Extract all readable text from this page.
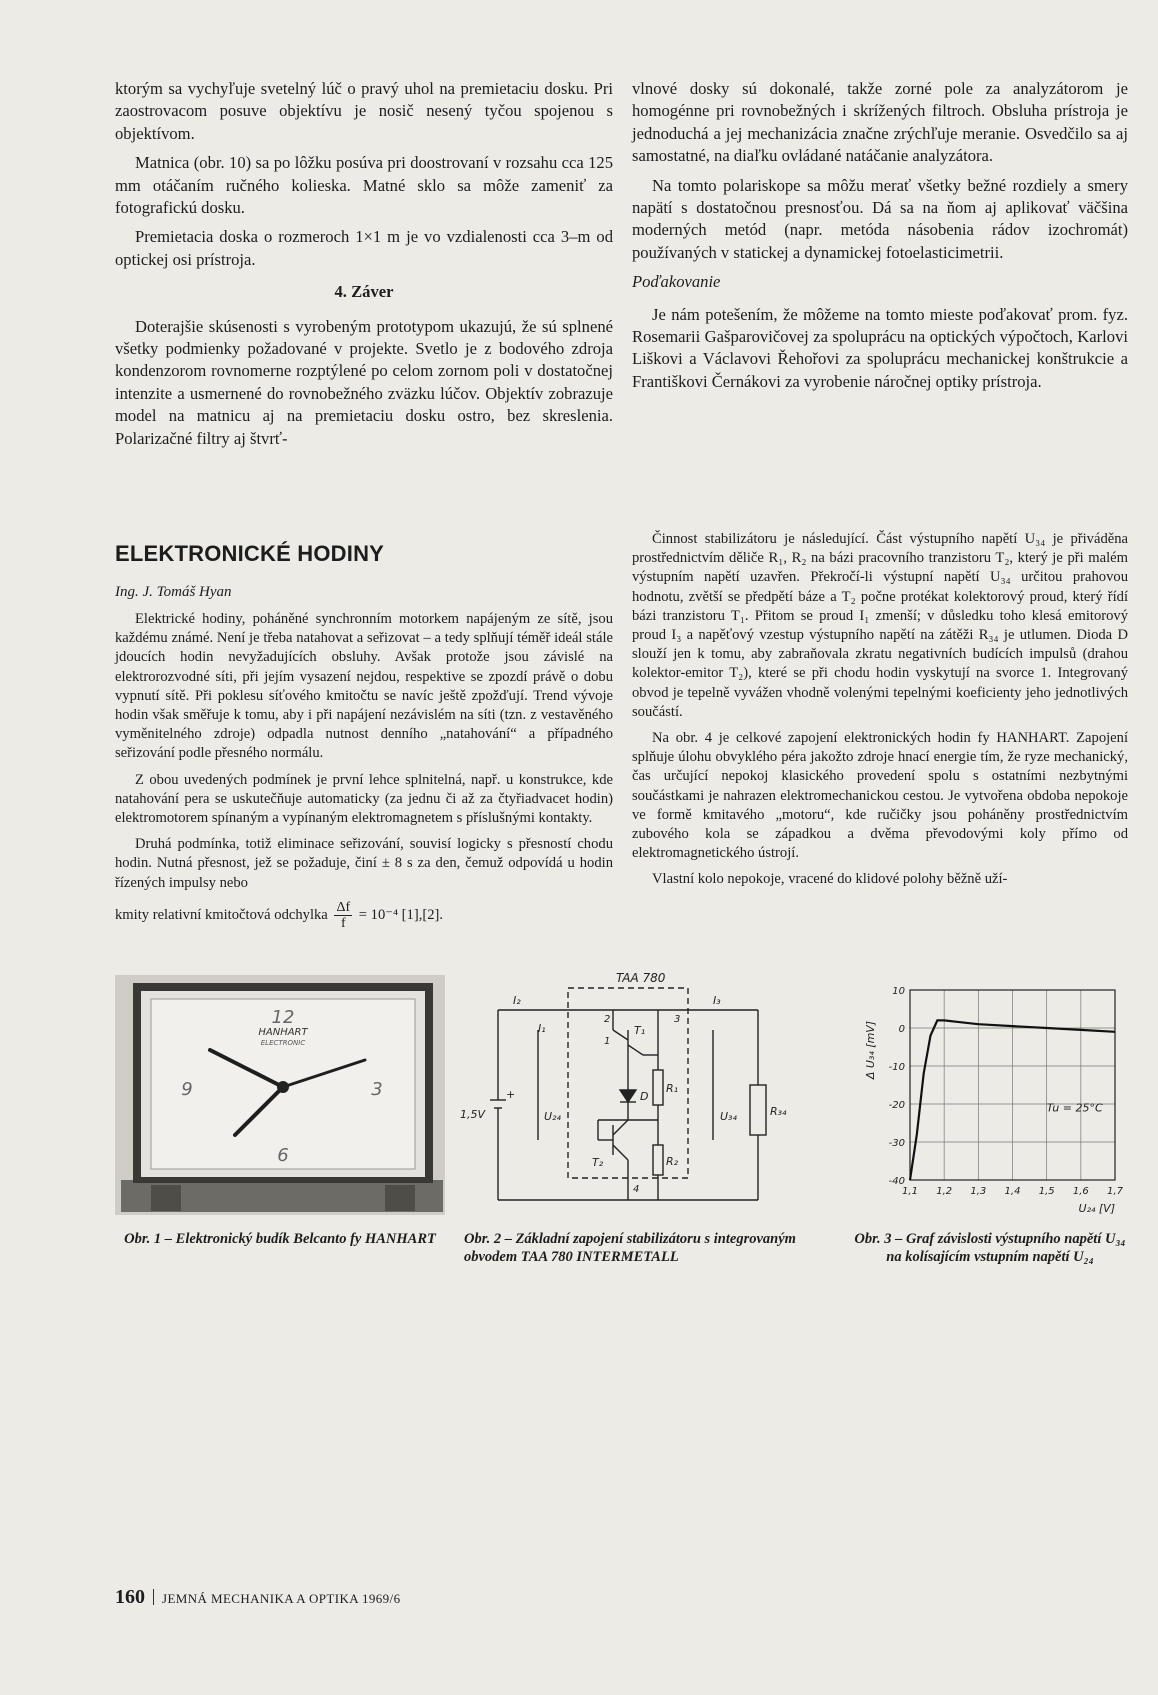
ktorým sa vychyľuje svetelný lúč o pravý uhol na premietaciu dosku. Pri zaostrovacom posuve objektívu je nosič nesený tyčou spojenou s objektívom.

Matnica (obr. 10) sa po lôžku posúva pri doostrovaní v rozsahu cca 125 mm otáčaním ručného kolieska. Matné sklo sa môže zameniť za fotografickú dosku.

Premietacia doska o rozmeroch 1×1 m je vo vzdialenosti cca 3–m od optickej osi prístroja.

4. Záver

Doterajšie skúsenosti s vyrobeným prototypom ukazujú, že sú splnené všetky podmienky požadované v projekte. Svetlo je z bodového zdroja kondenzorom rovnomerne rozptýlené po celom zornom poli v dostatočnej intenzite a usmernené do rovnobežného zväzku lúčov. Objektív zobrazuje model na matnicu aj na premietaciu dosku ostro, bez skreslenia. Polarizačné filtry aj štvrť-

vlnové dosky sú dokonalé, takže zorné pole za analyzátorom je homogénne pri rovnobežných i skrížených filtroch. Obsluha prístroja je jednoduchá a jej mechanizácia značne zrýchľuje meranie. Osvedčilo sa aj samostatné, na diaľku ovládané natáčanie analyzátora.

Na tomto polariskope sa môžu merať všetky bežné rozdiely a smery napätí s dostatočnou presnosťou. Dá sa na ňom aj aplikovať väčšina moderných metód (napr. metóda násobenia rádov izochromát) používaných v statickej a dynamickej fotoelasticimetrii.

Poďakovanie

Je nám potešením, že môžeme na tomto mieste poďakovať prom. fyz. Rosemarii Gašparovičovej za spoluprácu na optických výpočtoch, Karlovi Liškovi a Václavovi Řehořovi za spoluprácu mechanickej konštrukcie a Františkovi Černákovi za vyrobenie náročnej optiky prístroja.

ELEKTRONICKÉ HODINY
Ing. J. Tomáš Hyan

Elektrické hodiny, poháněné synchronním motorkem napájeným ze sítě, jsou každému známé. Není je třeba natahovat a seřizovat – a tedy splňují téměř ideál stále jdoucích hodin nevyžadujících obsluhy. Avšak protože jsou závislé na elektrorozvodné síti, při jejím vysazení nejdou, respektive se zpozdí právě o dobu vypnutí sítě. Při poklesu síťového kmitočtu se navíc ještě zpožďují. Trend vývoje hodin však směřuje k tomu, aby i při napájení nezávislém na síti (tzn. z vestavěného vyměnitelného zdroje) odpadla nutnost denního „natahování“ a případného seřizování podle přesného normálu.

Z obou uvedených podmínek je první lehce splnitelná, např. u konstrukce, kde natahování pera se uskutečňuje automaticky (za jednu či až za čtyřiadvacet hodin) elektromotorem spínaným a vypínaným elektromagnetem s příslušnými kontakty.

Druhá podmínka, totiž eliminace seřizování, souvisí logicky s přesností chodu hodin. Nutná přesnost, jež se požaduje, činí ± 8 s za den, čemuž odpovídá u hodin řízených impulsy nebo

kmity relativní kmitočtová odchylka $\frac{\Delta f}{f} = 10^{-4}$ [1],[2].

Činnost stabilizátoru je následující. Část výstupního napětí U₃₄ je přiváděna prostřednictvím děliče R₁, R₂ na bázi pracovního tranzistoru T₂, který je při malém výstupním napětí uzavřen. Překročí-li výstupní napětí U₃₄ určitou prahovou hodnotu, zvětší se předpětí báze a T₂ počne protékat kolektorový proud, který řídí bázi tranzistoru T₁. Přitom se proud I₁ zmenší; v důsledku toho klesá emitorový proud I₃ a napěťový vzestup výstupního napětí na zátěži R₃₄ je utlumen. Dioda D slouží jen k tomu, aby zabraňovala zkratu negativních budících impulsů (drahou kolektor-emitor T₂), které se při chodu hodin vyskytují na svorce 1. Integrovaný obvod je tepelně vyvážen vhodně volenými tepelnými koeficienty jeho jednotlivých součástí.

Na obr. 4 je celkové zapojení elektronických hodin fy HANHART. Zapojení splňuje úlohu obvyklého péra jakožto zdroje hnací energie tím, že ryze mechanický, čas určující nepokoj klasického provedení spolu s ostatními nezbytnými součástkami je nahrazen elektromechanickou cestou. Je vytvořena obdoba nepokoje ve formě kmitavého „motoru“, kde ručičky jsou poháněny prostřednictvím zubového kola se západkou a dvěma převodovými koly přímo od elektromagnetického ústrojí.

Vlastní kolo nepokoje, vracené do klidové polohy běžně uží-

HANHART
ELECTRONIC
12
3
6
9
TAA 780
I₂	I₃
I₁	T₁
T₂
R₁
R₂
R₃₄
D
1,5V
+
U₂₄	U₃₄
1
2	3
4	1,1 1,2 1,3 1,4 1,5 1,6 1,7
10
0
-10
-20
-30
-40
U₂₄ [V]
Δ U₃₄ [mV]
Tu = 25°C
Obr. 1 – Elektronický budík Belcanto fy HANHART	Obr. 2 – Základní zapojení stabilizátoru s integrovaným obvodem TAA 780 INTERMETALL
Obr. 3 – Graf závislosti výstupního napětí U₃₄ na kolísajícím vstupním napětí U₂₄
160 JEMNÁ MECHANIKA A OPTIKA 1969/6
